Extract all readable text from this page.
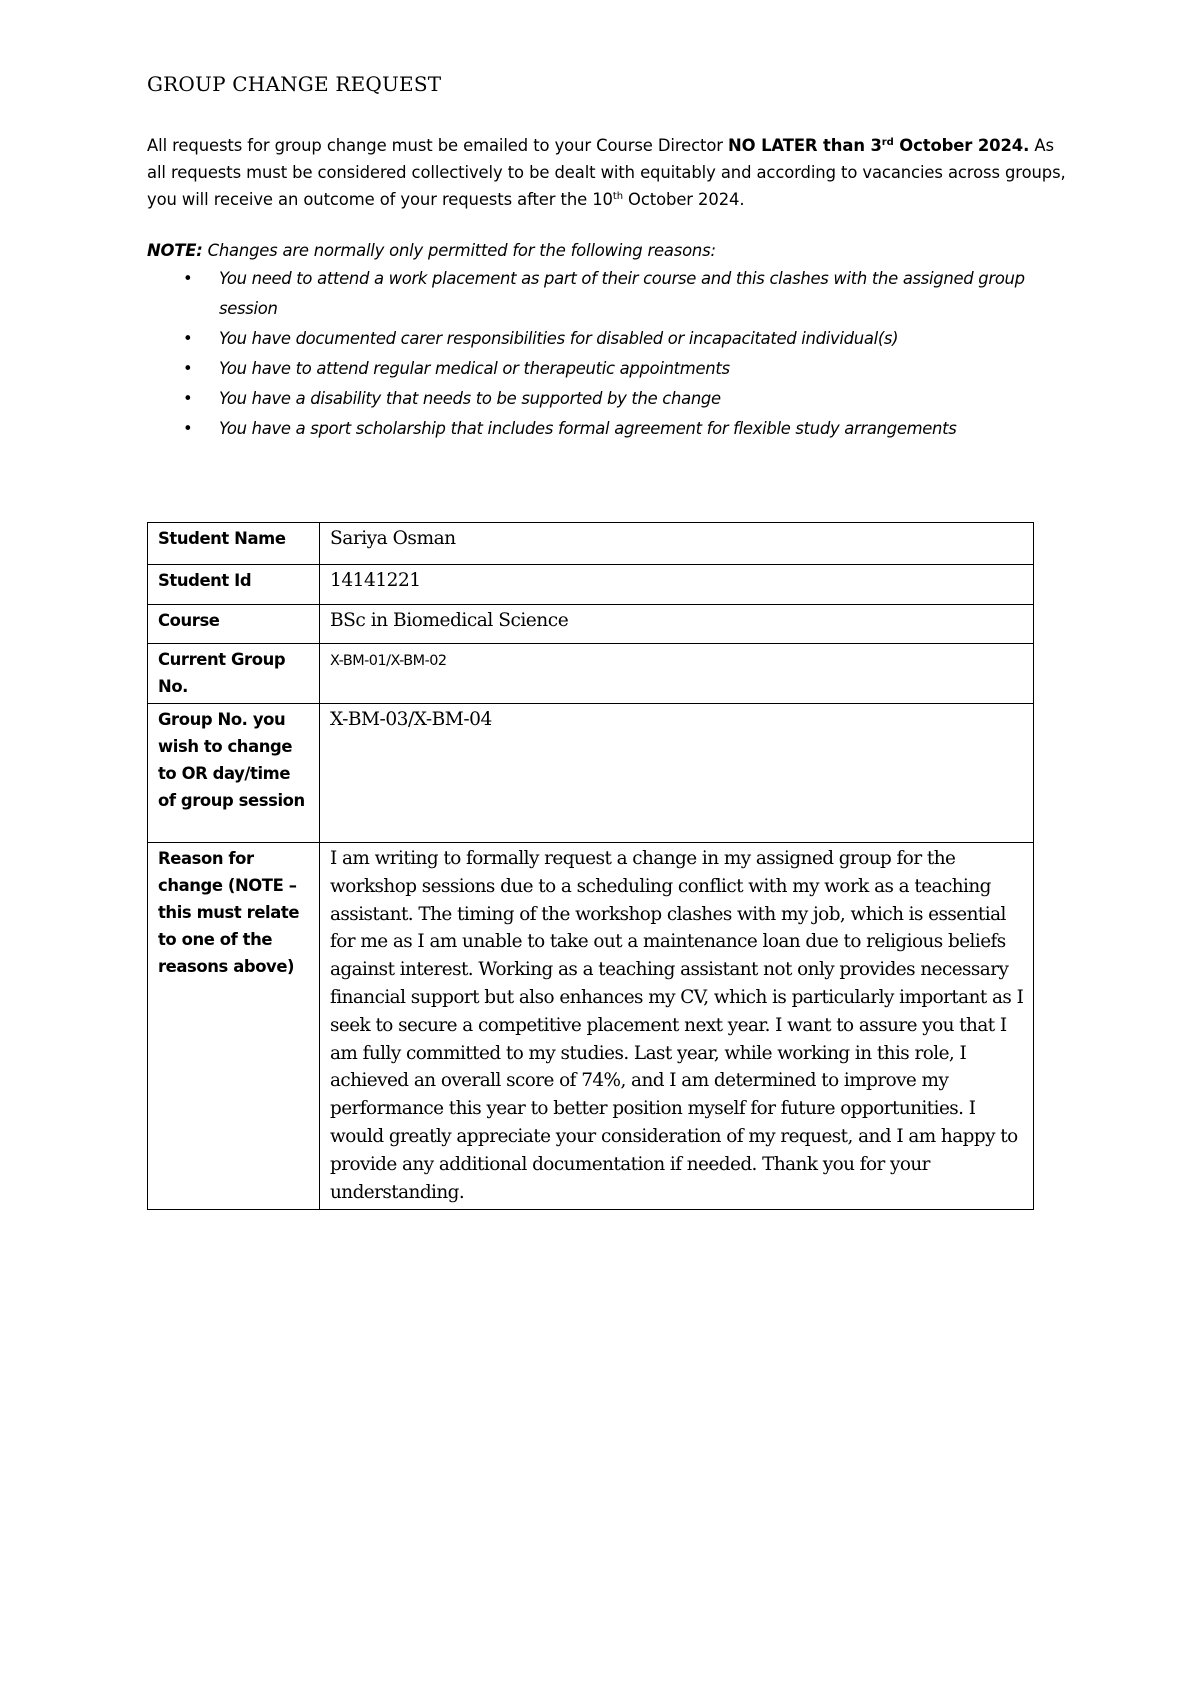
GROUP CHANGE REQUEST

All requests for group change must be emailed to your Course Director NO LATER than 3rd October 2024. As all requests must be considered collectively to be dealt with equitably and according to vacancies across groups, you will receive an outcome of your requests after the 10th October 2024.

NOTE: Changes are normally only permitted for the following reasons:

• You need to attend a work placement as part of their course and this clashes with the assigned group session
• You have documented carer responsibilities for disabled or incapacitated individual(s)
• You have to attend regular medical or therapeutic appointments
• You have a disability that needs to be supported by the change
• You have a sport scholarship that includes formal agreement for flexible study arrangements
Student Name	Sariya Osman
Student Id	14141221
Course	BSc in Biomedical Science
Current Group No.	X-BM-01/X-BM-02
Group No. you wish to change to OR day/time of group session	X-BM-03/X-BM-04
Reason for change (NOTE – this must relate to one of the reasons above)	I am writing to formally request a change in my assigned group for the workshop sessions due to a scheduling conflict with my work as a teaching assistant. The timing of the workshop clashes with my job, which is essential for me as I am unable to take out a maintenance loan due to religious beliefs against interest. Working as a teaching assistant not only provides necessary financial support but also enhances my CV, which is particularly important as I seek to secure a competitive placement next year. I want to assure you that I am fully committed to my studies. Last year, while working in this role, I achieved an overall score of 74%, and I am determined to improve my performance this year to better position myself for future opportunities. I would greatly appreciate your consideration of my request, and I am happy to provide any additional documentation if needed. Thank you for your understanding.
